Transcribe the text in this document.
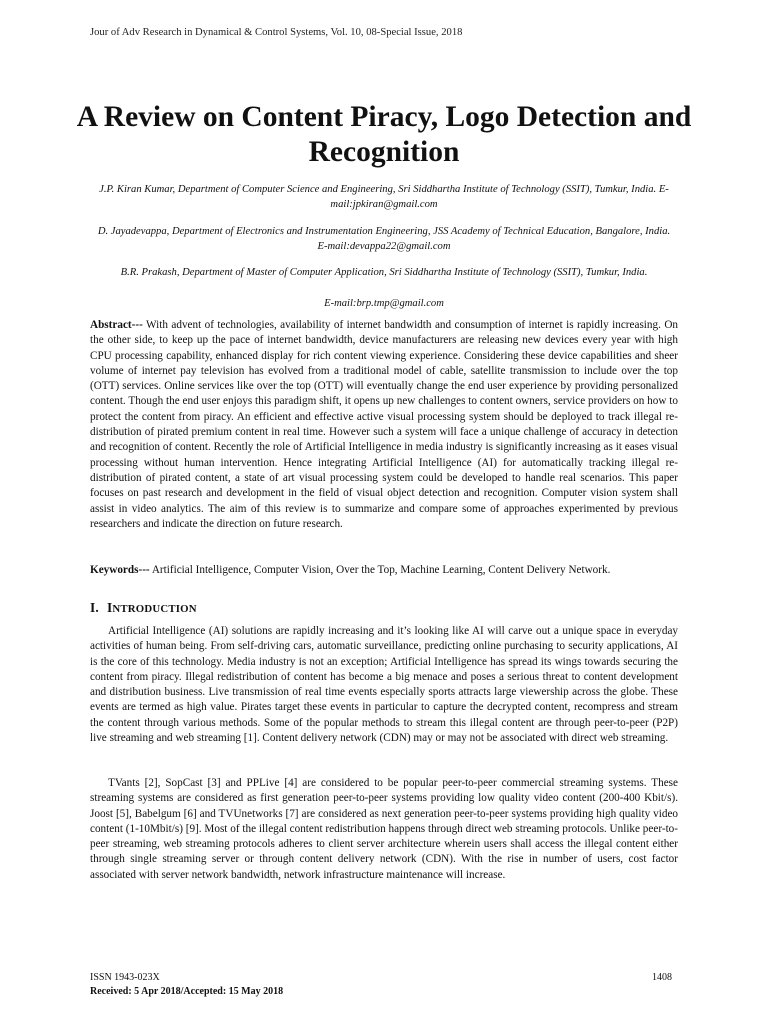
Jour of Adv Research in Dynamical & Control Systems, Vol. 10, 08-Special Issue, 2018
A Review on Content Piracy, Logo Detection and Recognition
J.P. Kiran Kumar, Department of Computer Science and Engineering, Sri Siddhartha Institute of Technology (SSIT), Tumkur, India. E-mail:jpkiran@gmail.com
D. Jayadevappa, Department of Electronics and Instrumentation Engineering, JSS Academy of Technical Education, Bangalore, India. E-mail:devappa22@gmail.com
B.R. Prakash, Department of Master of Computer Application, Sri Siddhartha Institute of Technology (SSIT), Tumkur, India.
E-mail:brp.tmp@gmail.com

Abstract--- With advent of technologies, availability of internet bandwidth and consumption of internet is rapidly increasing. On the other side, to keep up the pace of internet bandwidth, device manufacturers are releasing new devices every year with high CPU processing capability, enhanced display for rich content viewing experience. Considering these device capabilities and sheer volume of internet pay television has evolved from a traditional model of cable, satellite transmission to include over the top (OTT) services. Online services like over the top (OTT) will eventually change the end user experience by providing personalized content. Though the end user enjoys this paradigm shift, it opens up new challenges to content owners, service providers on how to protect the content from piracy. An efficient and effective active visual processing system should be deployed to track illegal re-distribution of pirated premium content in real time. However such a system will face a unique challenge of accuracy in detection and recognition of content. Recently the role of Artificial Intelligence in media industry is significantly increasing as it eases visual processing without human intervention. Hence integrating Artificial Intelligence (AI) for automatically tracking illegal re-distribution of pirated content, a state of art visual processing system could be developed to handle real scenarios. This paper focuses on past research and development in the field of visual object detection and recognition. Computer vision system shall assist in video analytics. The aim of this review is to summarize and compare some of approaches experimented by previous researchers and indicate the direction on future research.

Keywords--- Artificial Intelligence, Computer Vision, Over the Top, Machine Learning, Content Delivery Network.

I. INTRODUCTION

Artificial Intelligence (AI) solutions are rapidly increasing and it’s looking like AI will carve out a unique space in everyday activities of human being. From self-driving cars, automatic surveillance, predicting online purchasing to security applications, AI is the core of this technology. Media industry is not an exception; Artificial Intelligence has spread its wings towards securing the content from piracy. Illegal redistribution of content has become a big menace and poses a serious threat to content development and distribution business. Live transmission of real time events especially sports attracts large viewership across the globe. These events are termed as high value. Pirates target these events in particular to capture the decrypted content, recompress and stream the content through various methods. Some of the popular methods to stream this illegal content are through peer-to-peer (P2P) live streaming and web streaming [1]. Content delivery network (CDN) may or may not be associated with direct web streaming.

TVants [2], SopCast [3] and PPLive [4] are considered to be popular peer-to-peer commercial streaming systems. These streaming systems are considered as first generation peer-to-peer systems providing low quality video content (200-400 Kbit/s). Joost [5], Babelgum [6] and TVUnetworks [7] are considered as next generation peer-to-peer systems providing high quality video content (1-10Mbit/s) [9]. Most of the illegal content redistribution happens through direct web streaming protocols. Unlike peer-to-peer streaming, web streaming protocols adheres to client server architecture wherein users shall access the illegal content either through single streaming server or through content delivery network (CDN). With the rise in number of users, cost factor associated with server network bandwidth, network infrastructure maintenance will increase.

ISSN 1943-023X
Received: 5 Apr 2018/Accepted: 15 May 2018
1408
